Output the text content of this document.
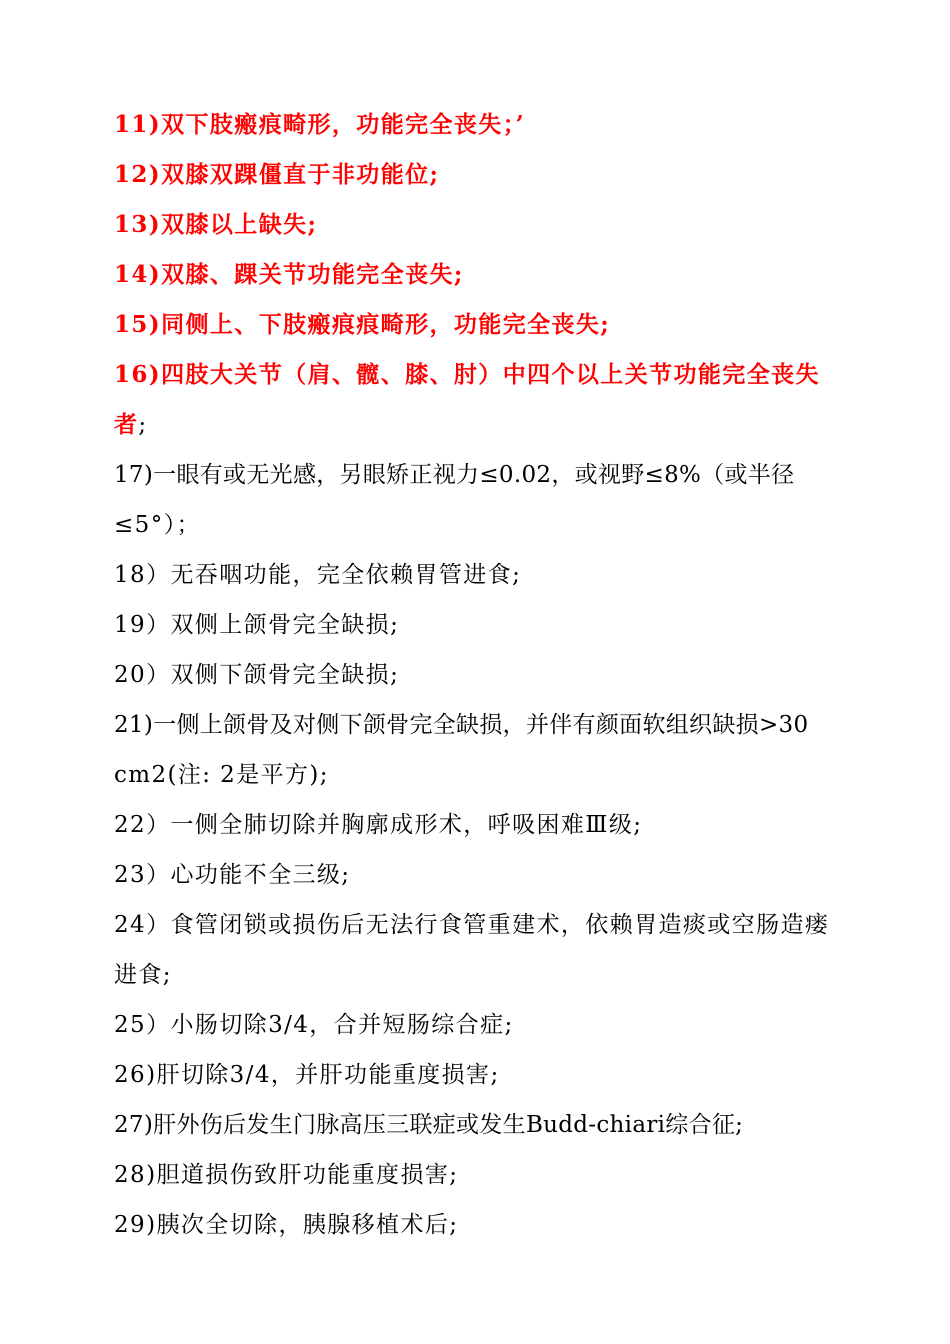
11)双下肢瘢痕畸形，功能完全丧失；’
12)双膝双踝僵直于非功能位;
13)双膝以上缺失;
14)双膝、踝关节功能完全丧失;
15)同侧上、下肢瘢痕痕畸形，功能完全丧失;
16)四肢大关节（肩、髋、膝、肘）中四个以上关节功能完全丧失
者;
17)一眼有或无光感，另眼矫正视力≤0.02，或视野≤8%（或半径
≤5°）；
18）无吞咽功能，完全依赖胃管进食;
19）双侧上颌骨完全缺损;
20）双侧下颌骨完全缺损;
21)一侧上颌骨及对侧下颌骨完全缺损，并伴有颜面软组织缺损>30
cm2(注: 2是平方);
22）一侧全肺切除并胸廓成形术，呼吸困难Ⅲ级;
23）心功能不全三级;
24）食管闭锁或损伤后无法行食管重建术，依赖胃造痰或空肠造瘘
进食;
25）小肠切除3/4，合并短肠综合症;
26)肝切除3/4，并肝功能重度损害;
27)肝外伤后发生门脉高压三联症或发生Budd-chiari综合征;
28)胆道损伤致肝功能重度损害;
29)胰次全切除，胰腺移植术后;
